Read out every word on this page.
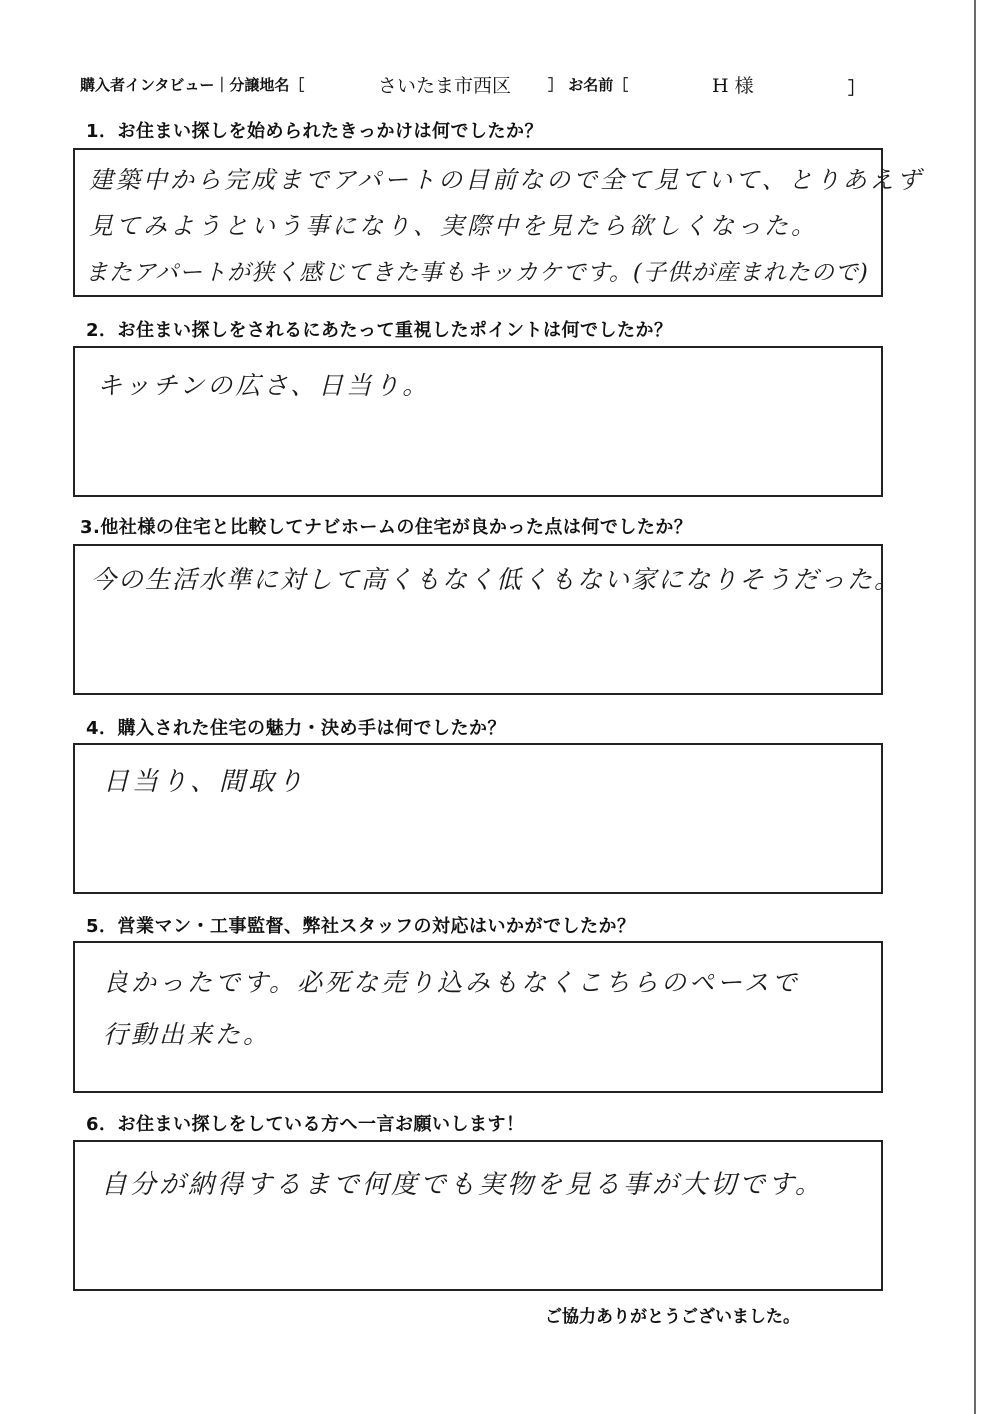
購入者インタビュー｜分譲地名［	さいたま市西区 ］ お名前［	H 様	］
1．お住まい探しを始められたきっかけは何でしたか？
建築中から完成までアパートの目前なので全て見ていて、とりあえず
見てみようという事になり、実際中を見たら欲しくなった。
またアパートが狭く感じてきた事もキッカケです。(子供が産まれたので)
2．お住まい探しをされるにあたって重視したポイントは何でしたか？
キッチンの広さ、日当り。
3.他社様の住宅と比較してナビホームの住宅が良かった点は何でしたか？
今の生活水準に対して高くもなく低くもない家になりそうだった。
4．購入された住宅の魅力・決め手は何でしたか？
日当り、間取り
5．営業マン・工事監督、弊社スタッフの対応はいかがでしたか？
良かったです。必死な売り込みもなくこちらのペースで
行動出来た。
6．お住まい探しをしている方へ一言お願いします！
自分が納得するまで何度でも実物を見る事が大切です。
ご協力ありがとうございました。
